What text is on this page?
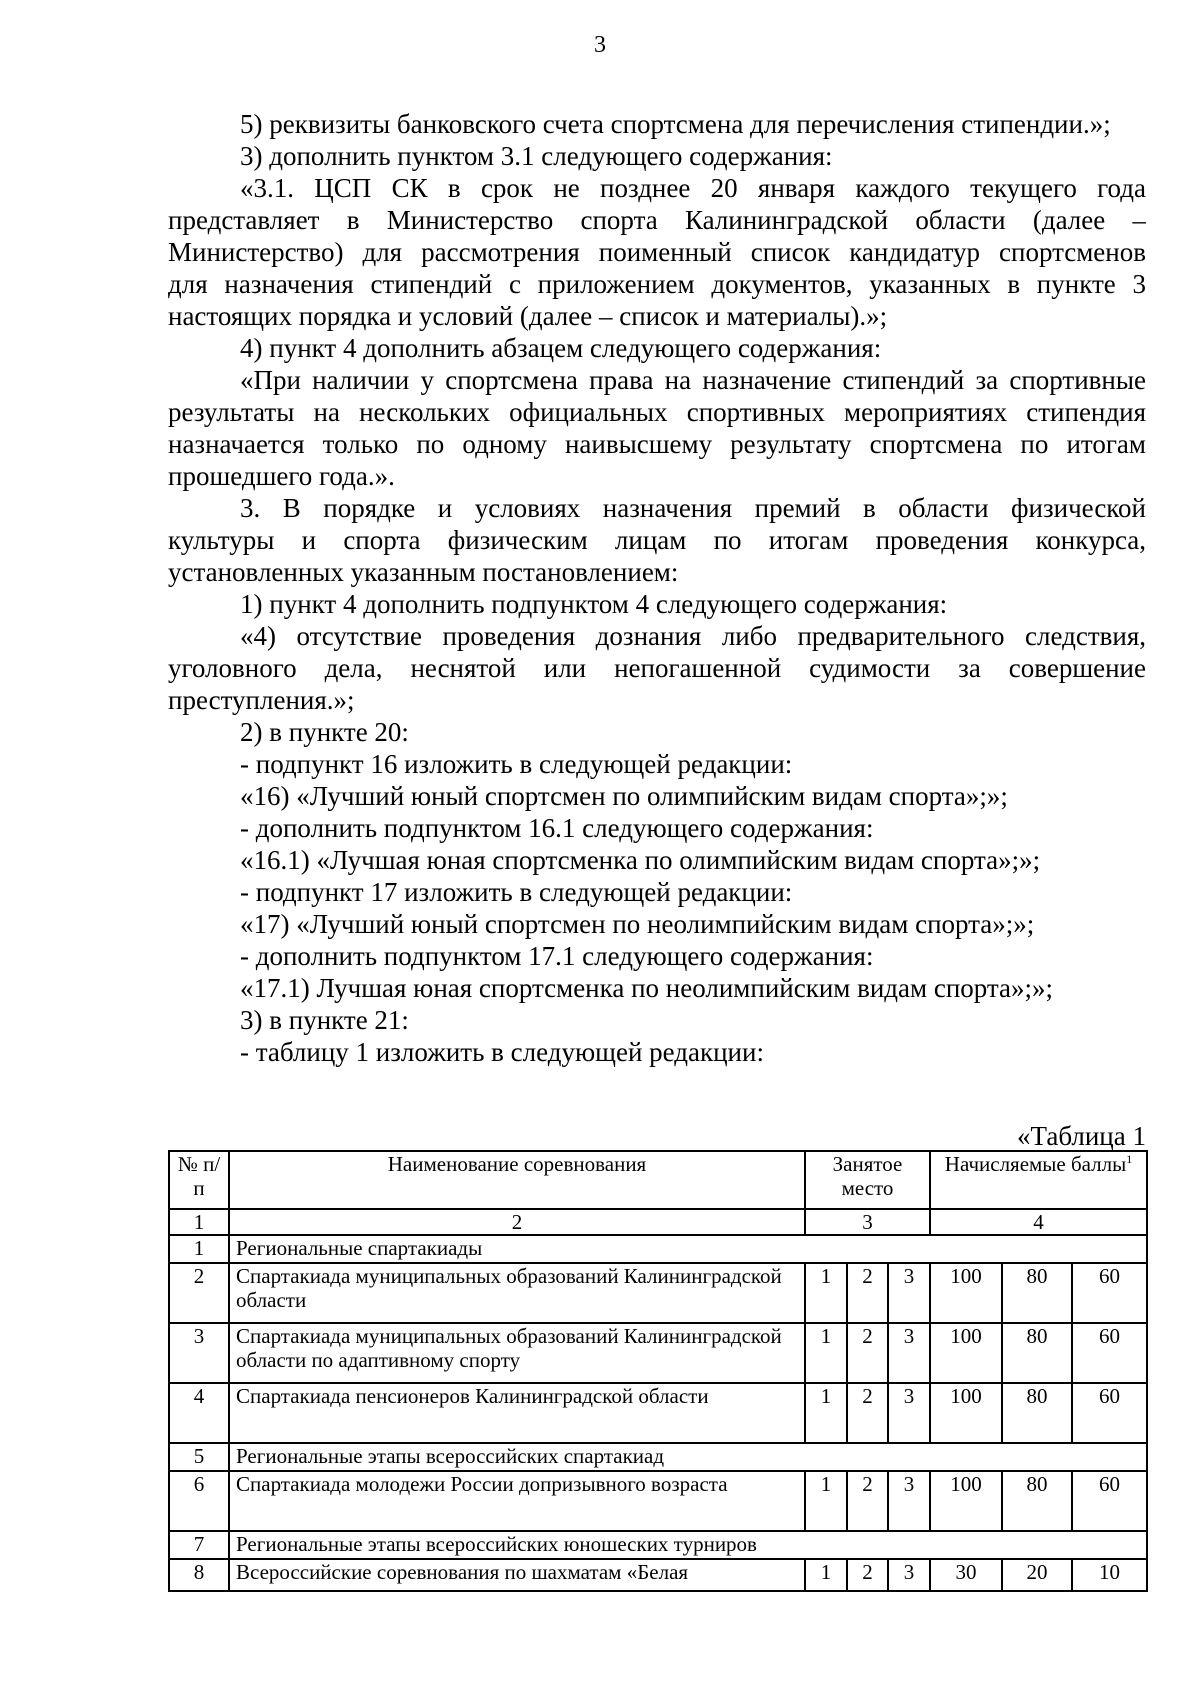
3
5) реквизиты банковского счета спортсмена для перечисления стипендии.»;
3) дополнить пунктом 3.1 следующего содержания:
«3.1. ЦСП СК в срок не позднее 20 января каждого текущего года
представляет в Министерство спорта Калининградской области (далее –
Министерство) для рассмотрения поименный список кандидатур спортсменов
для назначения стипендий с приложением документов, указанных в пункте 3
настоящих порядка и условий (далее – список и материалы).»;
4) пункт 4 дополнить абзацем следующего содержания:
«При наличии у спортсмена права на назначение стипендий за спортивные
результаты на нескольких официальных спортивных мероприятиях стипендия
назначается только по одному наивысшему результату спортсмена по итогам
прошедшего года.».
3. В порядке и условиях назначения премий в области физической
культуры и спорта физическим лицам по итогам проведения конкурса,
установленных указанным постановлением:
1) пункт 4 дополнить подпунктом 4 следующего содержания:
«4) отсутствие проведения дознания либо предварительного следствия,
уголовного дела, неснятой или непогашенной судимости за совершение
преступления.»;
2) в пункте 20:
- подпункт 16 изложить в следующей редакции:
«16) «Лучший юный спортсмен по олимпийским видам спорта»;»;
- дополнить подпунктом 16.1 следующего содержания:
«16.1) «Лучшая юная спортсменка по олимпийским видам спорта»;»;
- подпункт 17 изложить в следующей редакции:
«17) «Лучший юный спортсмен по неолимпийским видам спорта»;»;
- дополнить подпунктом 17.1 следующего содержания:
«17.1) Лучшая юная спортсменка по неолимпийским видам спорта»;»;
3) в пункте 21:
- таблицу 1 изложить в следующей редакции:
«Таблица 1
№ п/п	Наименование соревнования	Занятое место			Начисляемые баллы$^1$
1	2	3			4		
1	Региональные спартакиады						
2	Спартакиада муниципальных образований Калининградской области	1	2	3	100	80	60
3	Спартакиада муниципальных образований Калининградской области по адаптивному спорту	1	2	3	100	80	60
4	Спартакиада пенсионеров Калининградской области	1	2	3	100	80	60
5	Региональные этапы всероссийских спартакиад						
6	Спартакиада молодежи России допризывного возраста	1	2	3	100	80	60
7	Региональные этапы всероссийских юношеских турниров						
8	Всероссийские соревнования по шахматам «Белая	1	2	3	30	20	10
